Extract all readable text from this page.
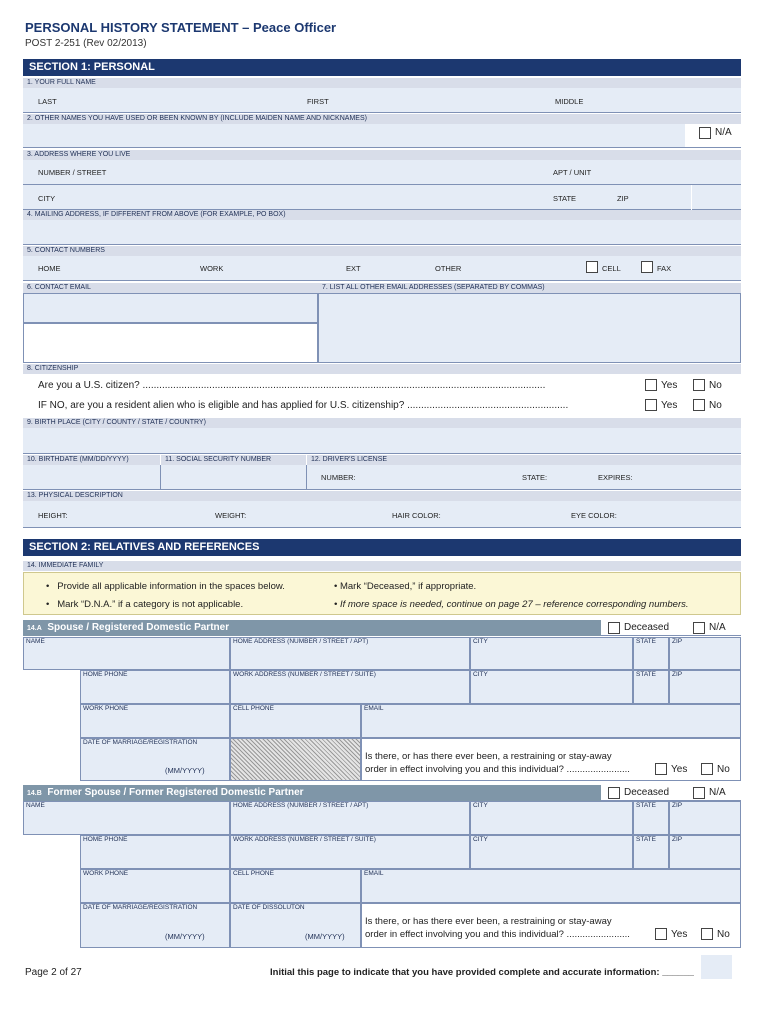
PERSONAL HISTORY STATEMENT – Peace Officer
POST 2-251 (Rev 02/2013)
SECTION 1: PERSONAL
1. YOUR FULL NAME
LAST	FIRST	MIDDLE
2. OTHER NAMES YOU HAVE USED OR BEEN KNOWN BY (INCLUDE MAIDEN NAME AND NICKNAMES)
N/A
3. ADDRESS WHERE YOU LIVE
NUMBER / STREET	APT / UNIT
CITY	STATE	ZIP
4. MAILING ADDRESS, IF DIFFERENT FROM ABOVE (FOR EXAMPLE, PO BOX)
5. CONTACT NUMBERS
HOME	WORK	EXT	OTHER	CELL	FAX
6. CONTACT EMAIL	7. LIST ALL OTHER EMAIL ADDRESSES (SEPARATED BY COMMAS)
8. CITIZENSHIP
Are you a U.S. citizen? .................................................................................................................................................	Yes	No
IF NO, are you a resident alien who is eligible and has applied for U.S. citizenship? ..........................................................	Yes	No
9. BIRTH PLACE (CITY / COUNTY / STATE / COUNTRY)
10. BIRTHDATE (MM/DD/YYYY)	11. SOCIAL SECURITY NUMBER	12. DRIVER'S LICENSE
NUMBER:	STATE:	EXPIRES:
13. PHYSICAL DESCRIPTION
HEIGHT:	WEIGHT:	HAIR COLOR:	EYE COLOR:
SECTION 2: RELATIVES AND REFERENCES
14. IMMEDIATE FAMILY
•   Provide all applicable information in the spaces below.
•   Mark “D.N.A.” if a category is not applicable.
• Mark “Deceased,” if appropriate.
• If more space is needed, continue on page 27 – reference corresponding numbers.
14.A Spouse / Registered Domestic Partner	Deceased	N/A
NAME	HOME ADDRESS (NUMBER / STREET / APT)	CITY	STATE	ZIP
HOME PHONE	WORK ADDRESS (NUMBER / STREET / SUITE)	CITY	STATE	ZIP
WORK PHONE	CELL PHONE	EMAIL
DATE OF MARRIAGE/REGISTRATION
(MM/YYYY)
Is there, or has there ever been, a restraining or stay-away
order in effect involving you and this individual? ........................	Yes	No
14.B Former Spouse / Former Registered Domestic Partner	Deceased	N/A
NAME	HOME ADDRESS (NUMBER / STREET / APT)	CITY	STATE	ZIP
HOME PHONE	WORK ADDRESS (NUMBER / STREET / SUITE)	CITY	STATE	ZIP
WORK PHONE	CELL PHONE	EMAIL
DATE OF MARRIAGE/REGISTRATION
(MM/YYYY)
DATE OF DISSOLUTON
(MM/YYYY)
Is there, or has there ever been, a restraining or stay-away
order in effect involving you and this individual? ........................	Yes	No
Page 2 of 27	Initial this page to indicate that you have provided complete and accurate information: ______
